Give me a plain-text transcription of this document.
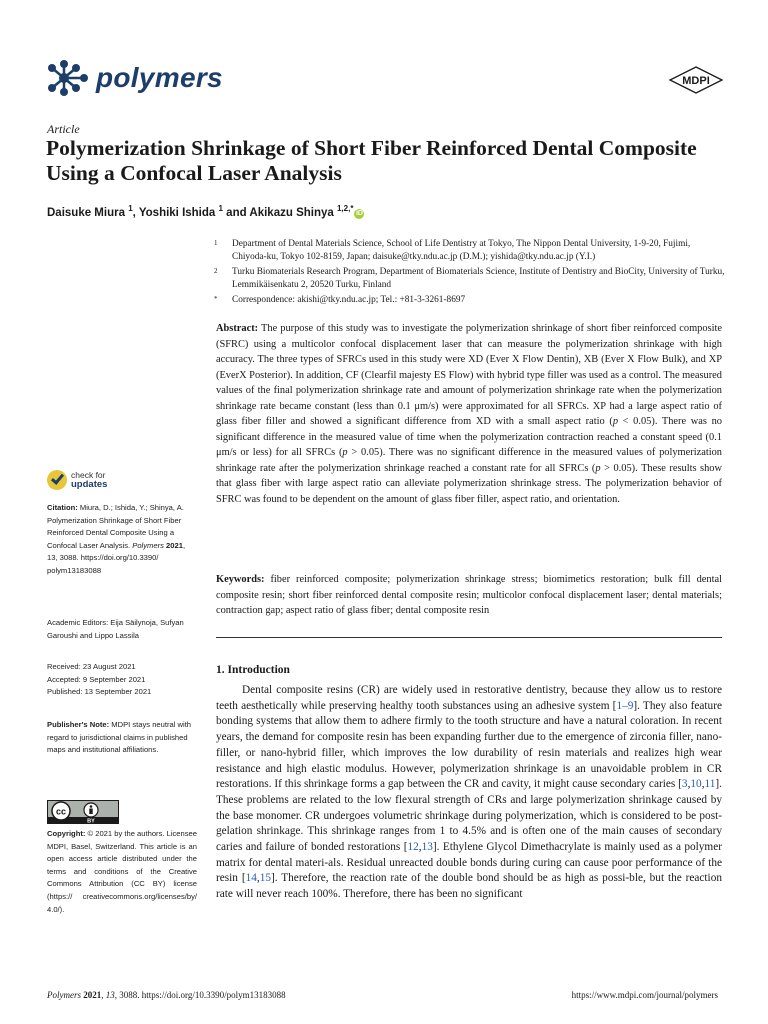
polymers	MDPI
Article
Polymerization Shrinkage of Short Fiber Reinforced Dental Composite Using a Confocal Laser Analysis
Daisuke Miura $^1$, Yoshiki Ishida $^1$ and Akikazu Shinya $^{1,2,*}$iD
1	Department of Dental Materials Science, School of Life Dentistry at Tokyo, The Nippon Dental University, 1-9-20, Fujimi, Chiyoda-ku, Tokyo 102-8159, Japan; daisuke@tky.ndu.ac.jp (D.M.); yishida@tky.ndu.ac.jp (Y.I.)
2	Turku Biomaterials Research Program, Department of Biomaterials Science, Institute of Dentistry and BioCity, University of Turku, Lemmikäisenkatu 2, 20520 Turku, Finland
*	Correspondence: akishi@tky.ndu.ac.jp; Tel.: +81-3-3261-8697

Abstract: The purpose of this study was to investigate the polymerization shrinkage of short fiber reinforced composite (SFRC) using a multicolor confocal displacement laser that can measure the polymerization shrinkage with high accuracy. The three types of SFRCs used in this study were XD (Ever X Flow Dentin), XB (Ever X Flow Bulk), and XP (EverX Posterior). In addition, CF (Clearfil majesty ES Flow) with hybrid type filler was used as a control. The measured values of the final polymerization shrinkage rate and amount of polymerization shrinkage rate when the polymerization shrinkage rate became constant (less than 0.1 μm/s) were approximated for all SFRCs. XP had a large aspect ratio of glass fiber filler and showed a significant difference from XD with a small aspect ratio (p < 0.05). There was no significant difference in the measured value of time when the polymerization contraction reached a constant speed (0.1 μm/s or less) for all SFRCs (p > 0.05). There was no significant difference in the measured values of polymerization shrinkage rate after the polymerization shrinkage reached a constant rate for all SFRCs (p > 0.05). These results show that glass fiber with large aspect ratio can alleviate polymerization shrinkage stress. The polymerization behavior of SFRC was found to be dependent on the amount of glass fiber filler, aspect ratio, and orientation.

Keywords: fiber reinforced composite; polymerization shrinkage stress; biomimetics restoration; bulk fill dental composite resin; short fiber reinforced dental composite resin; multicolor confocal displacement laser; dental materials; contraction gap; aspect ratio of glass fiber; dental composite resin

1. Introduction

Dental composite resins (CR) are widely used in restorative dentistry, because they allow us to restore teeth aesthetically while preserving healthy tooth substances using an adhesive system [1–9]. They also feature bonding systems that allow them to adhere firmly to the tooth structure and have a natural coloration. In recent years, the demand for composite resin has been expanding further due to the emergence of zirconia filler, nano-filler, or nano-hybrid filler, which improves the low durability of resin materials and realizes high wear resistance and high elastic modulus. However, polymerization shrinkage is an unavoidable problem in CR restorations. If this shrinkage forms a gap between the CR and cavity, it might cause secondary caries [3,10,11]. These problems are related to the low flexural strength of CRs and large polymerization shrinkage caused by the base monomer. CR undergoes volumetric shrinkage during polymerization, which is considered to be post-gelation shrinkage. This shrinkage ranges from 1 to 4.5% and is often one of the main causes of secondary caries and failure of bonded restorations [12,13]. Ethylene Glycol Dimethacrylate is mainly used as a polymer matrix for dental materi-als. Residual unreacted double bonds during curing can cause poor performance of the resin [14,15]. Therefore, the reaction rate of the double bond should be as high as possi-ble, but the reaction rate will never reach 100%. Therefore, there has been no significant

check for
updates

Citation: Miura, D.; Ishida, Y.; Shinya, A. Polymerization Shrinkage of Short Fiber Reinforced Dental Composite Using a Confocal Laser Analysis. Polymers 2021, 13, 3088. https://doi.org/10.3390/ polym13183088

Academic Editors: Eija Säilynoja, Sufyan Garoushi and Lippo Lassila

Received: 23 August 2021

Accepted: 9 September 2021

Published: 13 September 2021

Publisher's Note: MDPI stays neutral with regard to jurisdictional claims in published maps and institutional affiliations.

cc
BY

Copyright: © 2021 by the authors. Licensee MDPI, Basel, Switzerland. This article is an open access article distributed under the terms and conditions of the Creative Commons Attribution (CC BY) license (https:// creativecommons.org/licenses/by/ 4.0/).

Polymers 2021, 13, 3088. https://doi.org/10.3390/polym13183088	https://www.mdpi.com/journal/polymers
